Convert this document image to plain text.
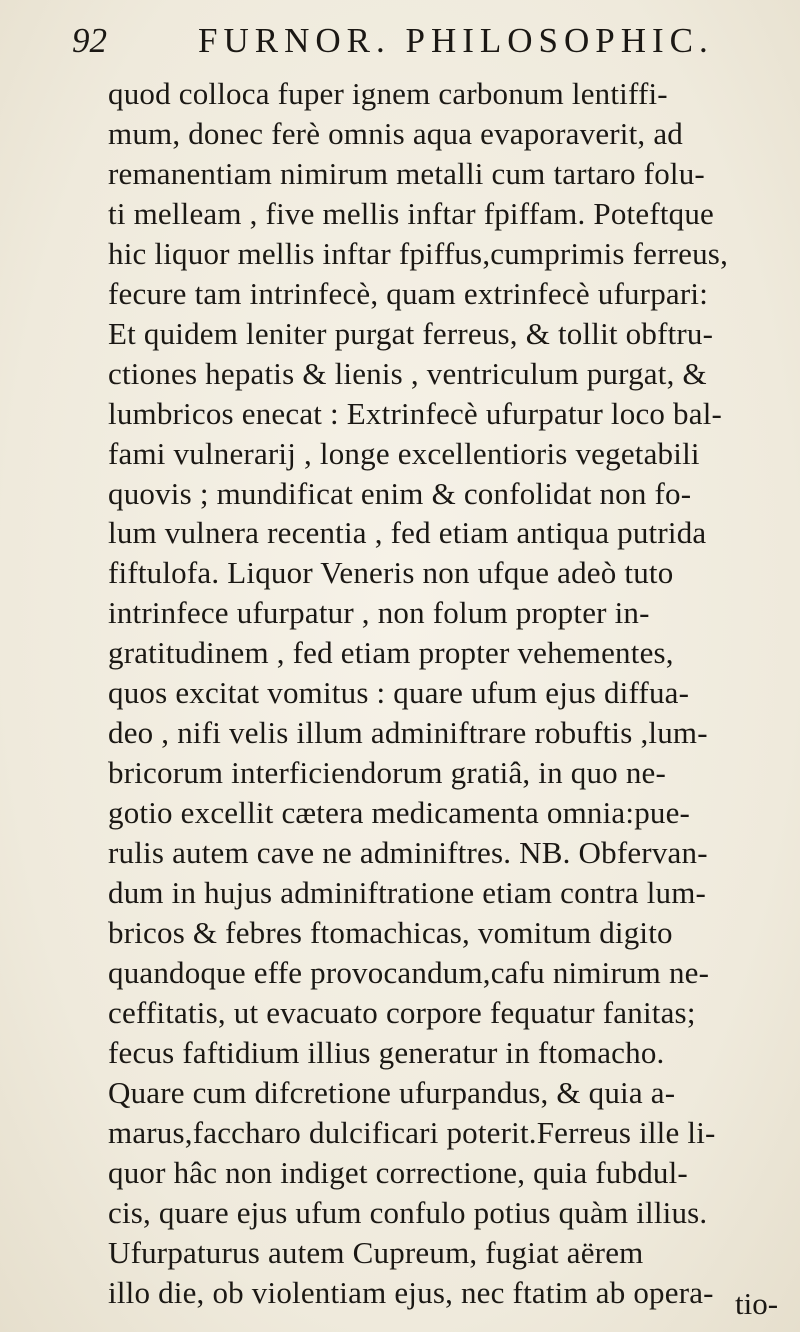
92	FURNOR. PHILOSOPHIC.
quod colloca fuper ignem carbonum lentiffi-
mum, donec ferè omnis aqua evaporaverit, ad
remanentiam nimirum metalli cum tartaro folu-
ti melleam , five mellis inftar fpiffam. Poteftque
hic liquor mellis inftar fpiffus,cumprimis ferreus,
fecure tam intrinfecè, quam extrinfecè ufurpari:
Et quidem leniter purgat ferreus, & tollit obftru-
ctiones hepatis & lienis , ventriculum purgat, &
lumbricos enecat : Extrinfecè ufurpatur loco bal-
fami vulnerarij , longe excellentioris vegetabili
quovis ; mundificat enim & confolidat non fo-
lum vulnera recentia , fed etiam antiqua putrida
fiftulofa. Liquor Veneris non ufque adeò tuto
intrinfece ufurpatur , non folum propter in-
gratitudinem , fed etiam propter vehementes,
quos excitat vomitus : quare ufum ejus diffua-
deo , nifi velis illum adminiftrare robuftis ,lum-
bricorum interficiendorum gratiâ, in quo ne-
gotio excellit cætera medicamenta omnia:pue-
rulis autem cave ne adminiftres. NB. Obfervan-
dum in hujus adminiftratione etiam contra lum-
bricos & febres ftomachicas, vomitum digito
quandoque effe provocandum,cafu nimirum ne-
ceffitatis, ut evacuato corpore fequatur fanitas;
fecus faftidium illius generatur in ftomacho.
Quare cum difcretione ufurpandus, & quia a-
marus,faccharo dulcificari poterit.Ferreus ille li-
quor hâc non indiget correctione, quia fubdul-
cis, quare ejus ufum confulo potius quàm illius.
Ufurpaturus autem Cupreum, fugiat aërem
illo die, ob violentiam ejus, nec ftatim ab opera- tio-
